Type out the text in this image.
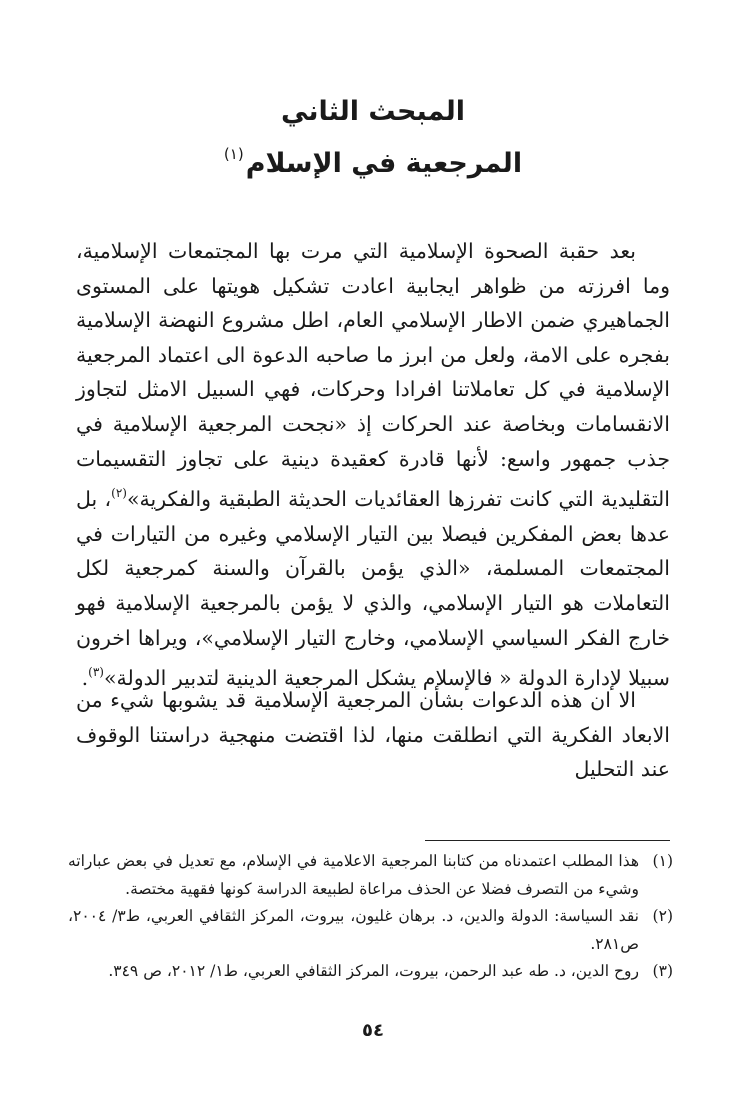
المبحث الثاني
المرجعية في الإسلام$^{(١)}$

بعد حقبة الصحوة الإسلامية التي مرت بها المجتمعات الإسلامية، وما افرزته من ظواهر ايجابية اعادت تشكيل هويتها على المستوى الجماهيري ضمن الاطار الإسلامي العام، اطل مشروع النهضة الإسلامية بفجره على الامة، ولعل من ابرز ما صاحبه الدعوة الى اعتماد المرجعية الإسلامية في كل تعاملاتنا افرادا وحركات، فهي السبيل الامثل لتجاوز الانقسامات وبخاصة عند الحركات إذ «نجحت المرجعية الإسلامية في جذب جمهور واسع: لأنها قادرة كعقيدة دينية على تجاوز التقسيمات التقليدية التي كانت تفرزها العقائديات الحديثة الطبقية والفكرية»$^{(٢)}$، بل عدها بعض المفكرين فيصلا بين التيار الإسلامي وغيره من التيارات في المجتمعات المسلمة، «الذي يؤمن بالقرآن والسنة كمرجعية لكل التعاملات هو التيار الإسلامي، والذي لا يؤمن بالمرجعية الإسلامية فهو خارج الفكر السياسي الإسلامي، وخارج التيار الإسلامي»، ويراها اخرون سبيلا لإدارة الدولة « فالإسلام يشكل المرجعية الدينية لتدبير الدولة»$^{(٣)}$.

الا ان هذه الدعوات بشأن المرجعية الإسلامية قد يشوبها شيء من الابعاد الفكرية التي انطلقت منها، لذا اقتضت منهجية دراستنا الوقوف عند التحليل

(١)
هذا المطلب اعتمدناه من كتابنا المرجعية الاعلامية في الإسلام، مع تعديل في بعض عباراته وشيء من التصرف فضلا عن الحذف مراعاة لطبيعة الدراسة كونها فقهية مختصة.
(٢)
نقد السياسة: الدولة والدين، د. برهان غليون، بيروت، المركز الثقافي العربي، ط٣/ ٢٠٠٤، ص٢٨١.
(٣)
روح الدين، د. طه عبد الرحمن، بيروت، المركز الثقافي العربي، ط١/ ٢٠١٢، ص ٣٤٩.
٥٤
